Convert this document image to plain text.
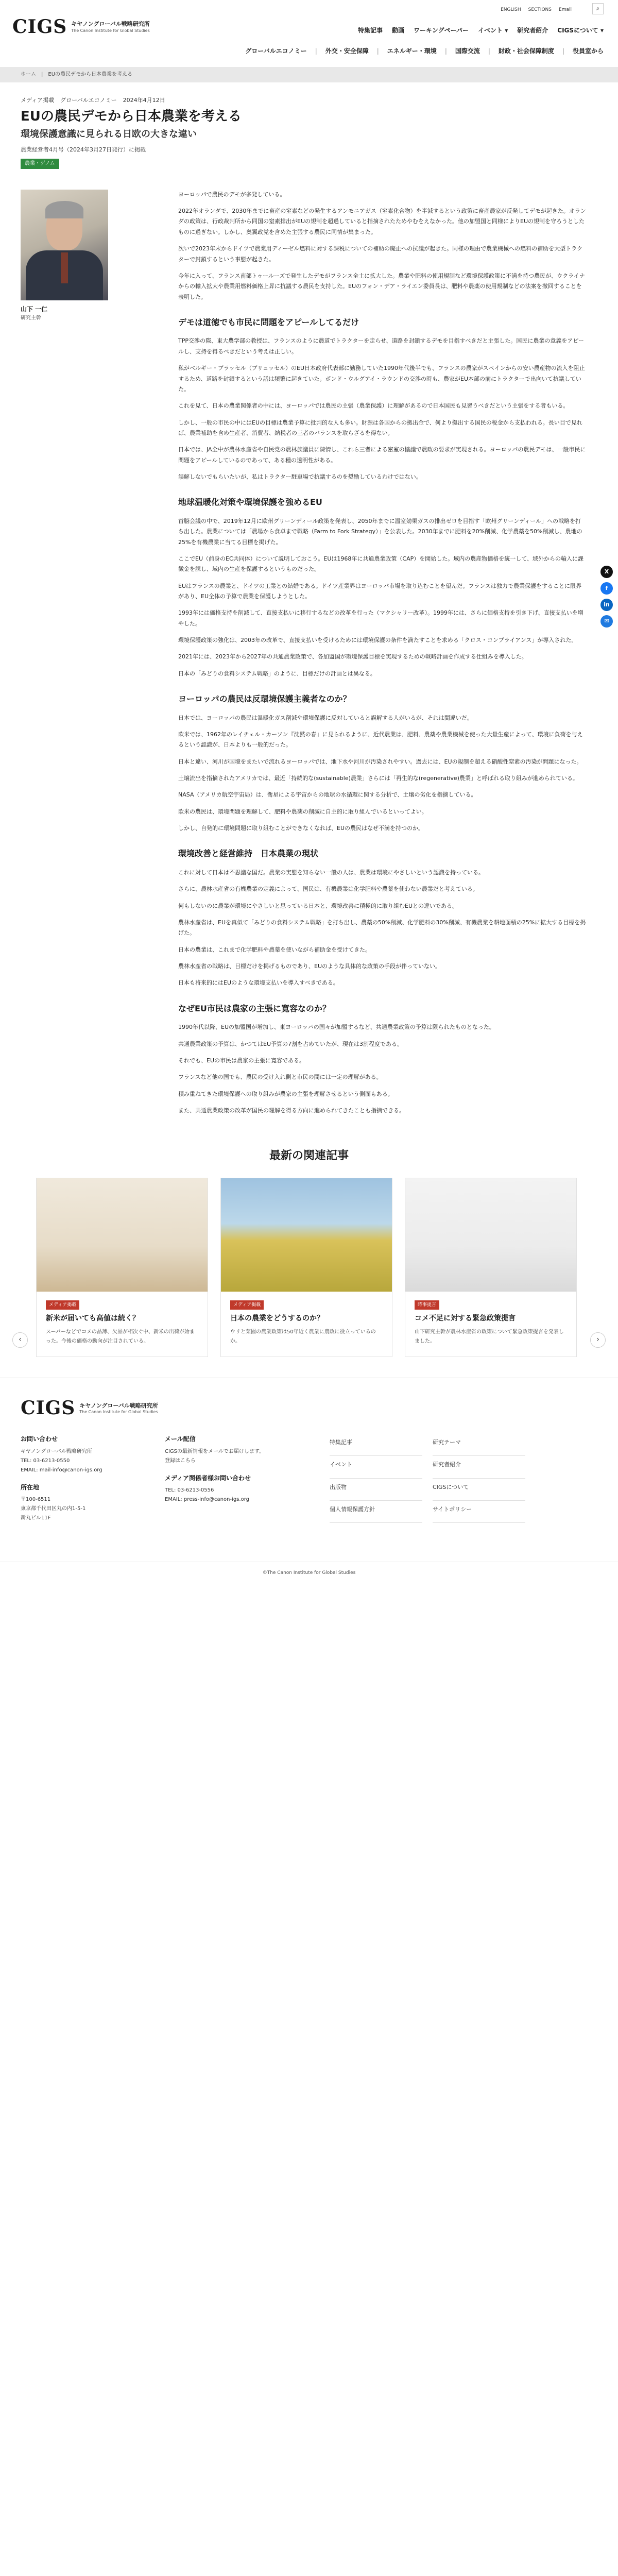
CIGS キヤノングローバル戦略研究所
The Canon Institute for Global Studies
ENGLISH SECTIONS Email	⌕
特集記事 動画 ワーキングペーパー イベント ▾ 研究者紹介 CIGSについて ▾
グローバルエコノミー | 外交・安全保障 | エネルギー・環境 | 国際交流 | 財政・社会保障制度 | 役員室から
ホーム | EUの農民デモから日本農業を考える
メディア掲載 グローバルエコノミー 2024年4月12日
EUの農民デモから日本農業を考える
環境保護意識に見られる日欧の大きな違い
農業経営者4月号（2024年3月27日発行）に掲載
農業・ゲノム
山下 一仁
研究主幹

ヨーロッパで農民のデモが多発している。

2022年オランダで、2030年までに畜産の窒素などの発生するアンモニアガス（窒素化合物）を半減するという政策に畜産農家が反発してデモが起きた。オランダの政策は、行政裁判所から同国の窒素排出がEUの規制を超過していると指摘されたためやむをえなかった。他の加盟国と同様によりEUの規制を守ろうとしたものに過ぎない。しかし、奥翼政党を含めた主張する農民に同情が集まった。

次いで2023年末からドイツで農業用ディーゼル燃料に対する課税についての補助の廃止への抗議が起きた。同様の理由で農業機械への燃料の補助を大型トラクターで封鎖するという事態が起きた。

今年に入って、フランス南部トゥールーズで発生したデモがフランス全土に拡大した。農業や肥料の使用規制など環境保護政策に不満を持つ農民が、ウクライナからの輸入拡大や農業用燃料価格上昇に抗議する農民を支持した。EUのフォン・デア・ライエン委員長は、肥料や農薬の使用規制などの法案を撤回することを表明した。

デモは道徳でも市民に問題をアピールしてるだけ

TPP交渉の際、東大農学部の教授は、フランスのように農道でトラクターを走らせ、道路を封鎖するデモを目指すべきだと主張した。国民に農業の意義をアピールし、支持を得るべきだという考えは正しい。

私がベルギー・ブラッセル（ブリュッセル）のEU日本政府代表部に勤務していた1990年代後半でも、フランスの農家がスペインからの安い農産物の流入を阻止するため、道路を封鎖するという話は頻繁に起きていた。ポンド・ウルグアイ・ラウンドの交渉の時も、農家がEU本部の前にトラクターで出向いて抗議していた。

これを見て、日本の農業関係者の中には、ヨーロッパでは農民の主張（農業保護）に理解があるので日本国民も見習うべきだという主張をする者もいる。

しかし、一般の市民の中にはEUの目標は農業予算に批判的な人も多い。財源は各国からの拠出金で、何より拠出する国民の税金から支払われる。長い目で見れば、農業補助を含め生産者、消費者、納税者の三者のバランスを取らざるを得ない。

日本では、JA全中が農林水産省や自民党の農林族議員に陳情し、これら三者による密室の協議で農政の要求が実現される。ヨーロッパの農民デモは、一般市民に問題をアピールしているのであって、ある種の透明性がある。

誤解しないでもらいたいが、私はトラクター駐車場で抗議するのを奨励しているわけではない。

地球温暖化対策や環境保護を強めるEU

首脳会議の中で、2019年12月に欧州グリーンディール政策を発表し、2050年までに温室効果ガスの排出ゼロを目指す「欧州グリーンディール」への戦略を打ち出した。農業については「農場から食卓まで戦略（Farm to Fork Strategy）」を公表した。2030年までに肥料を20%削減、化学農薬を50%削減し、農地の25%を有機農業に当てる目標を掲げた。

ここでEU（前身のEC共同体）について説明しておこう。EUは1968年に共通農業政策（CAP）を開始した。域内の農産物価格を統一して、域外からの輸入に課徴金を課し、域内の生産を保護するというものだった。

EUはフランスの農業と、ドイツの工業との結婚である。ドイツ産業界はヨーロッパ市場を取り込むことを望んだ。フランスは独力で農業保護をすることに限界があり、EU全体の予算で農業を保護しようとした。

1993年には価格支持を削減して、直接支払いに移行するなどの改革を行った（マクシャリー改革）。1999年には、さらに価格支持を引き下げ、直接支払いを増やした。

環境保護政策の強化は、2003年の改革で、直接支払いを受けるためには環境保護の条件を満たすことを求める「クロス・コンプライアンス」が導入された。

2021年には、2023年から2027年の共通農業政策で、各加盟国が環境保護目標を実現するための戦略計画を作成する仕組みを導入した。

日本の「みどりの食料システム戦略」のように、目標だけの計画とは異なる。

ヨーロッパの農民は反環境保護主義者なのか？

日本では、ヨーロッパの農民は温暖化ガス削減や環境保護に反対していると誤解する人がいるが、それは間違いだ。

欧米では、1962年のレイチェル・カーソン『沈黙の春』に見られるように、近代農業は、肥料、農薬や農業機械を使った大量生産によって、環境に負荷を与えるという認識が、日本よりも一般的だった。

日本と違い、河川が国境をまたいで流れるヨーロッパでは、地下水や河川が汚染されやすい。過去には、EUの規制を超える硝酸性窒素の汚染が問題になった。

土壌流出を指摘されたアメリカでは、最近「持続的な(sustainable)農業」さらには「再生的な(regenerative)農業」と呼ばれる取り組みが進められている。

NASA（アメリカ航空宇宙局）は、衛星による宇宙からの地球の水循環に関する分析で、土壌の劣化を指摘している。

欧米の農民は、環境問題を理解して、肥料や農薬の削減に自主的に取り組んでいるといってよい。

しかし、自発的に環境問題に取り組むことができなくなれば、EUの農民はなぜ不満を持つのか。

環境改善と経営維持　日本農業の現状

これに対して日本は不思議な国だ。農業の実態を知らない一般の人は、農業は環境にやさしいという認識を持っている。

さらに、農林水産省の有機農業の定義によって、国民は、有機農業は化学肥料や農薬を使わない農業だと考えている。

何もしないのに農業が環境にやさしいと思っている日本と、環境改善に積極的に取り組むEUとの違いである。

農林水産省は、EUを真似て「みどりの食料システム戦略」を打ち出し、農薬の50%削減、化学肥料の30%削減、有機農業を耕地面積の25%に拡大する目標を掲げた。

日本の農業は、これまで化学肥料や農薬を使いながら補助金を受けてきた。

農林水産省の戦略は、目標だけを掲げるものであり、EUのような具体的な政策の手段が伴っていない。

日本も将来的にはEUのような環境支払いを導入すべきである。

なぜEU市民は農家の主張に寛容なのか？

1990年代以降、EUの加盟国が増加し、東ヨーロッパの国々が加盟するなど、共通農業政策の予算は限られたものとなった。

共通農業政策の予算は、かつてはEU予算の7割を占めていたが、現在は3割程度である。

それでも、EUの市民は農家の主張に寛容である。

フランスなど他の国でも、農民の受け入れ側と市民の間には一定の理解がある。

積み重ねてきた環境保護への取り組みが農家の主張を理解させるという側面もある。

また、共通農業政策の改革が国民の理解を得る方向に進められてきたことも指摘できる。

X
f
in
✉
最新の関連記事
‹
メディア掲載
新米が届いても高値は続く？
スーパーなどでコメの品薄、欠品が相次ぐ中、新米の出荷が始まった。今後の価格の動向が注目されている。
メディア掲載
日本の農業をどうするのか？
ウリと菜園の農業政策は50年近く農業に農政に役立っているのか。
時事提言
コメ不足に対する緊急政策提言
山下研究主幹が農林水産省の政策について緊急政策提言を発表しました。	›
CIGS キヤノングローバル戦略研究所
The Canon Institute for Global Studies
お問い合わせ
キヤノングローバル戦略研究所
TEL: 03-6213-0550
EMAIL: mail-info@canon-igs.org
所在地
〒100-6511
東京都千代田区丸の内1-5-1
新丸ビル11F
メール配信
CIGSの最新情報をメールでお届けします。
登録はこちら
メディア関係者様お問い合わせ
TEL: 03-6213-0556
EMAIL: press-info@canon-igs.org
特集記事	研究テーマ
イベント	研究者紹介
出版物	CIGSについて
個人情報保護方針	サイトポリシー
©The Canon Institute for Global Studies
